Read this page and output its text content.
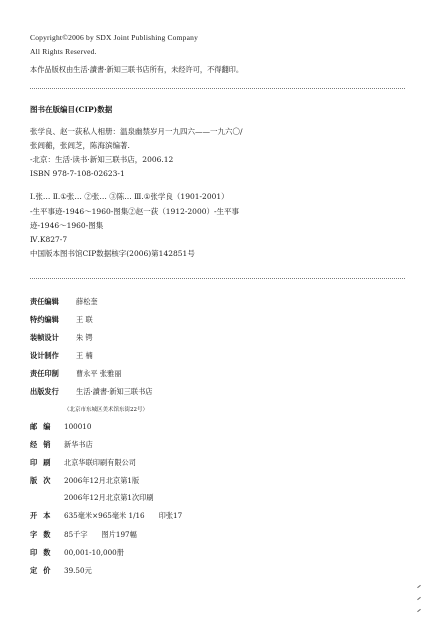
Copyright©2006 by SDX Joint Publishing Company
All Rights Reserved.
本作品版权由生活·讀書·新知三联书店所有，未经许可，不得翻印。
图书在版编目(CIP)数据
张学良、赵一荻私人相册：温泉幽禁岁月一九四六——一九六〇/
张闾蘅，张闾芝，陈海滨编著.
-北京：生活·读书·新知三联书店，2006.12
ISBN 978-7-108-02623-1
Ⅰ.张… Ⅱ.①张… ②张… ③陈… Ⅲ.①张学良（1901-2001）
-生平事迹-1946～1960-图集②赵一荻（1912-2000）-生平事
迹-1946～1960-图集
Ⅳ.K827-7
中国版本图书馆CIP数据核字(2006)第142851号
责任编辑 薛松奎
特约编辑 王 联
装帧设计 朱 锷
设计制作 王 楠
责任印制 曹永平 张雅丽
出版发行 生活·讀書·新知三联书店
（北京市东城区美术馆东街22号）
邮编 100010
经销 新华书店
印刷 北京华联印刷有限公司
版次 2006年12月北京第1版
2006年12月北京第1次印刷
开本 635毫米×965毫米 1/16 印张17
字数 85千字 图片197幅
印数 00,001-10,000册
定价 39.50元
